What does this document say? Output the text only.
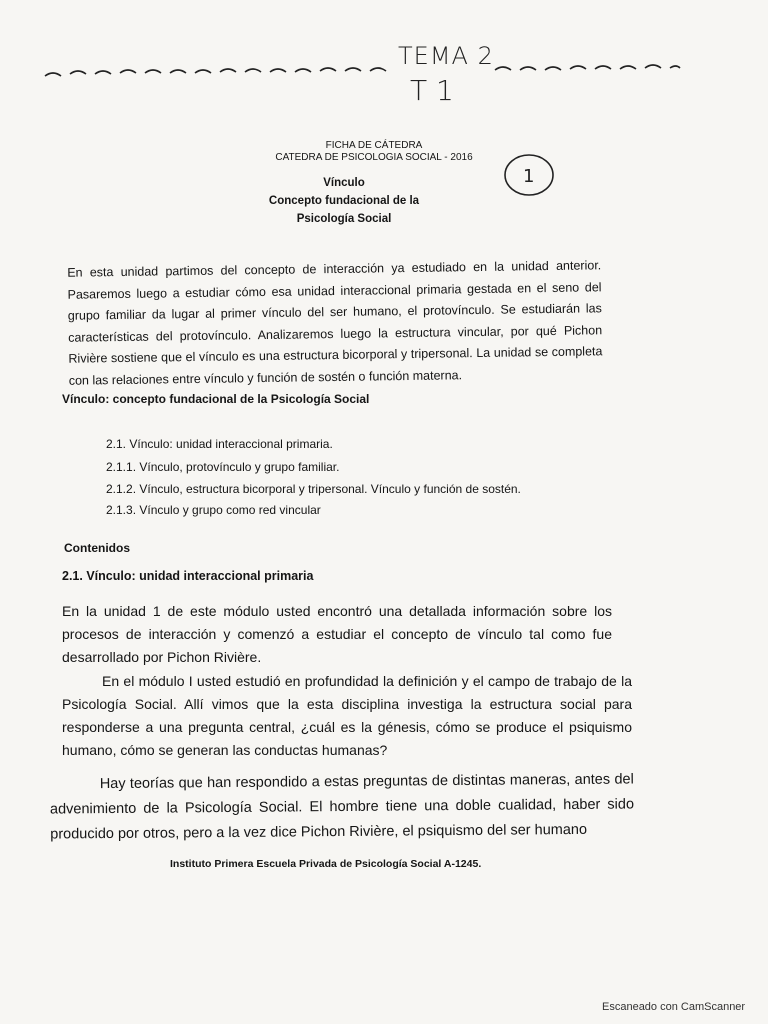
TEMA 2
T 1
1

FICHA DE CÁTEDRA
CATEDRA DE PSICOLOGIA SOCIAL - 2016
Vínculo
Concepto fundacional de la
Psicología Social
En esta unidad partimos del concepto de interacción ya estudiado en la unidad anterior. Pasaremos luego a estudiar cómo esa unidad interaccional primaria gestada en el seno del grupo familiar da lugar al primer vínculo del ser humano, el protovínculo. Se estudiarán las características del protovínculo. Analizaremos luego la estructura vincular, por qué Pichon Rivière sostiene que el vínculo es una estructura bicorporal y tripersonal. La unidad se completa con las relaciones entre vínculo y función de sostén o función materna.
Vínculo: concepto fundacional de la Psicología Social
2.1. Vínculo: unidad interaccional primaria.
2.1.1. Vínculo, protovínculo y grupo familiar.
2.1.2. Vínculo, estructura bicorporal y tripersonal. Vínculo y función de sostén.
2.1.3. Vínculo y grupo como red vincular
Contenidos
2.1. Vínculo: unidad interaccional primaria
En la unidad 1 de este módulo usted encontró una detallada información sobre los procesos de interacción y comenzó a estudiar el concepto de vínculo tal como fue desarrollado por Pichon Rivière.
En el módulo I usted estudió en profundidad la definición y el campo de trabajo de la Psicología Social. Allí vimos que la esta disciplina investiga la estructura social para responderse a una pregunta central, ¿cuál es la génesis, cómo se produce el psiquismo humano, cómo se generan las conductas humanas?
Hay teorías que han respondido a estas preguntas de distintas maneras, antes del advenimiento de la Psicología Social. El hombre tiene una doble cualidad, haber sido producido por otros, pero a la vez dice Pichon Rivière, el psiquismo del ser humano
Instituto Primera Escuela Privada de Psicología Social A-1245.
Escaneado con CamScanner
